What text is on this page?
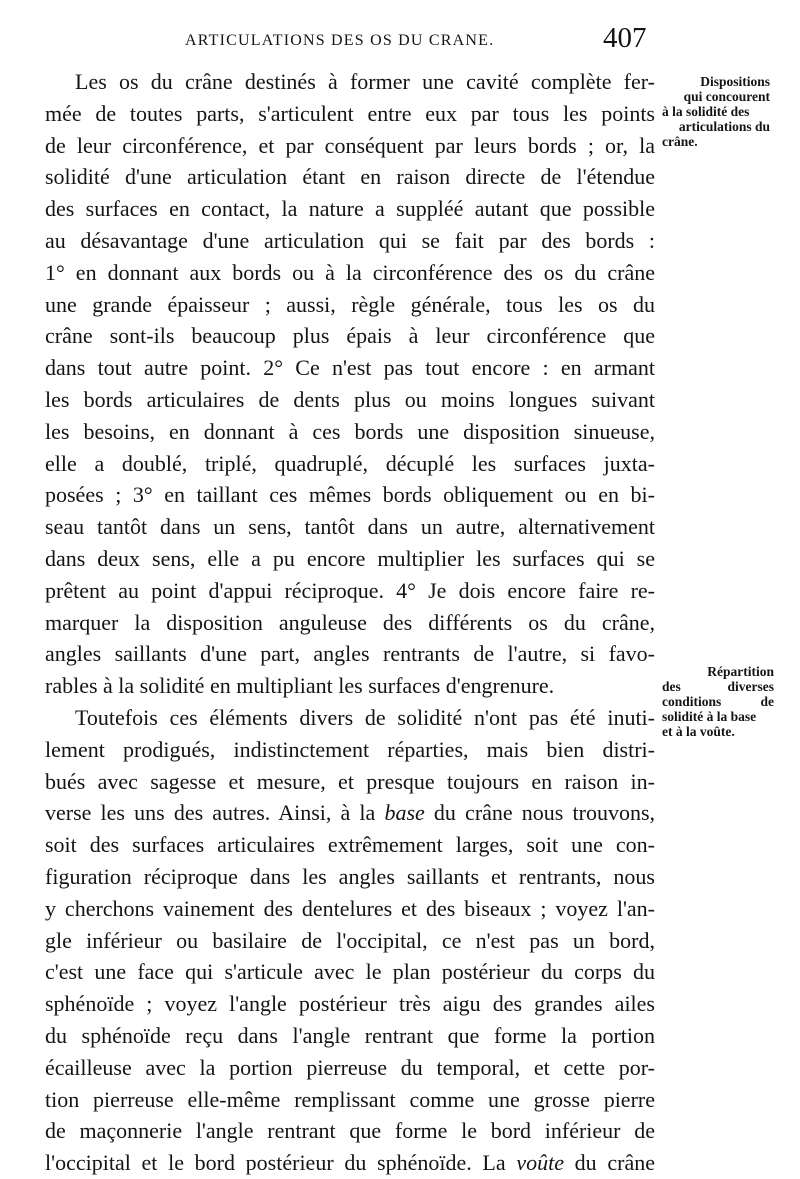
ARTICULATIONS DES OS DU CRANE.	407
Les os du crâne destinés à former une cavité complète fer-
mée de toutes parts, s'articulent entre eux par tous les points
de leur circonférence, et par conséquent par leurs bords ; or, la
solidité d'une articulation étant en raison directe de l'étendue
des surfaces en contact, la nature a suppléé autant que possible
au désavantage d'une articulation qui se fait par des bords :
1° en donnant aux bords ou à la circonférence des os du crâne
une grande épaisseur ; aussi, règle générale, tous les os du
crâne sont-ils beaucoup plus épais à leur circonférence que
dans tout autre point. 2° Ce n'est pas tout encore : en armant
les bords articulaires de dents plus ou moins longues suivant
les besoins, en donnant à ces bords une disposition sinueuse,
elle a doublé, triplé, quadruplé, décuplé les surfaces juxta-
posées ; 3° en taillant ces mêmes bords obliquement ou en bi-
seau tantôt dans un sens, tantôt dans un autre, alternativement
dans deux sens, elle a pu encore multiplier les surfaces qui se
prêtent au point d'appui réciproque. 4° Je dois encore faire re-
marquer la disposition anguleuse des différents os du crâne,
angles saillants d'une part, angles rentrants de l'autre, si favo-
rables à la solidité en multipliant les surfaces d'engrenure.
Toutefois ces éléments divers de solidité n'ont pas été inuti-
lement prodigués, indistinctement réparties, mais bien distri-
bués avec sagesse et mesure, et presque toujours en raison in-
verse les uns des autres. Ainsi, à la base du crâne nous trouvons,
soit des surfaces articulaires extrêmement larges, soit une con-
figuration réciproque dans les angles saillants et rentrants, nous
y cherchons vainement des dentelures et des biseaux ; voyez l'an-
gle inférieur ou basilaire de l'occipital, ce n'est pas un bord,
c'est une face qui s'articule avec le plan postérieur du corps du
sphénoïde ; voyez l'angle postérieur très aigu des grandes ailes
du sphénoïde reçu dans l'angle rentrant que forme la portion
écailleuse avec la portion pierreuse du temporal, et cette por-
tion pierreuse elle-même remplissant comme une grosse pierre
de maçonnerie l'angle rentrant que forme le bord inférieur de
l'occipital et le bord postérieur du sphénoïde. La voûte du crâne
Dispositions
qui concourent
à la solidité des
articulations du
crâne.
Répartition
des diverses
conditions de
solidité à la base
et à la voûte.
